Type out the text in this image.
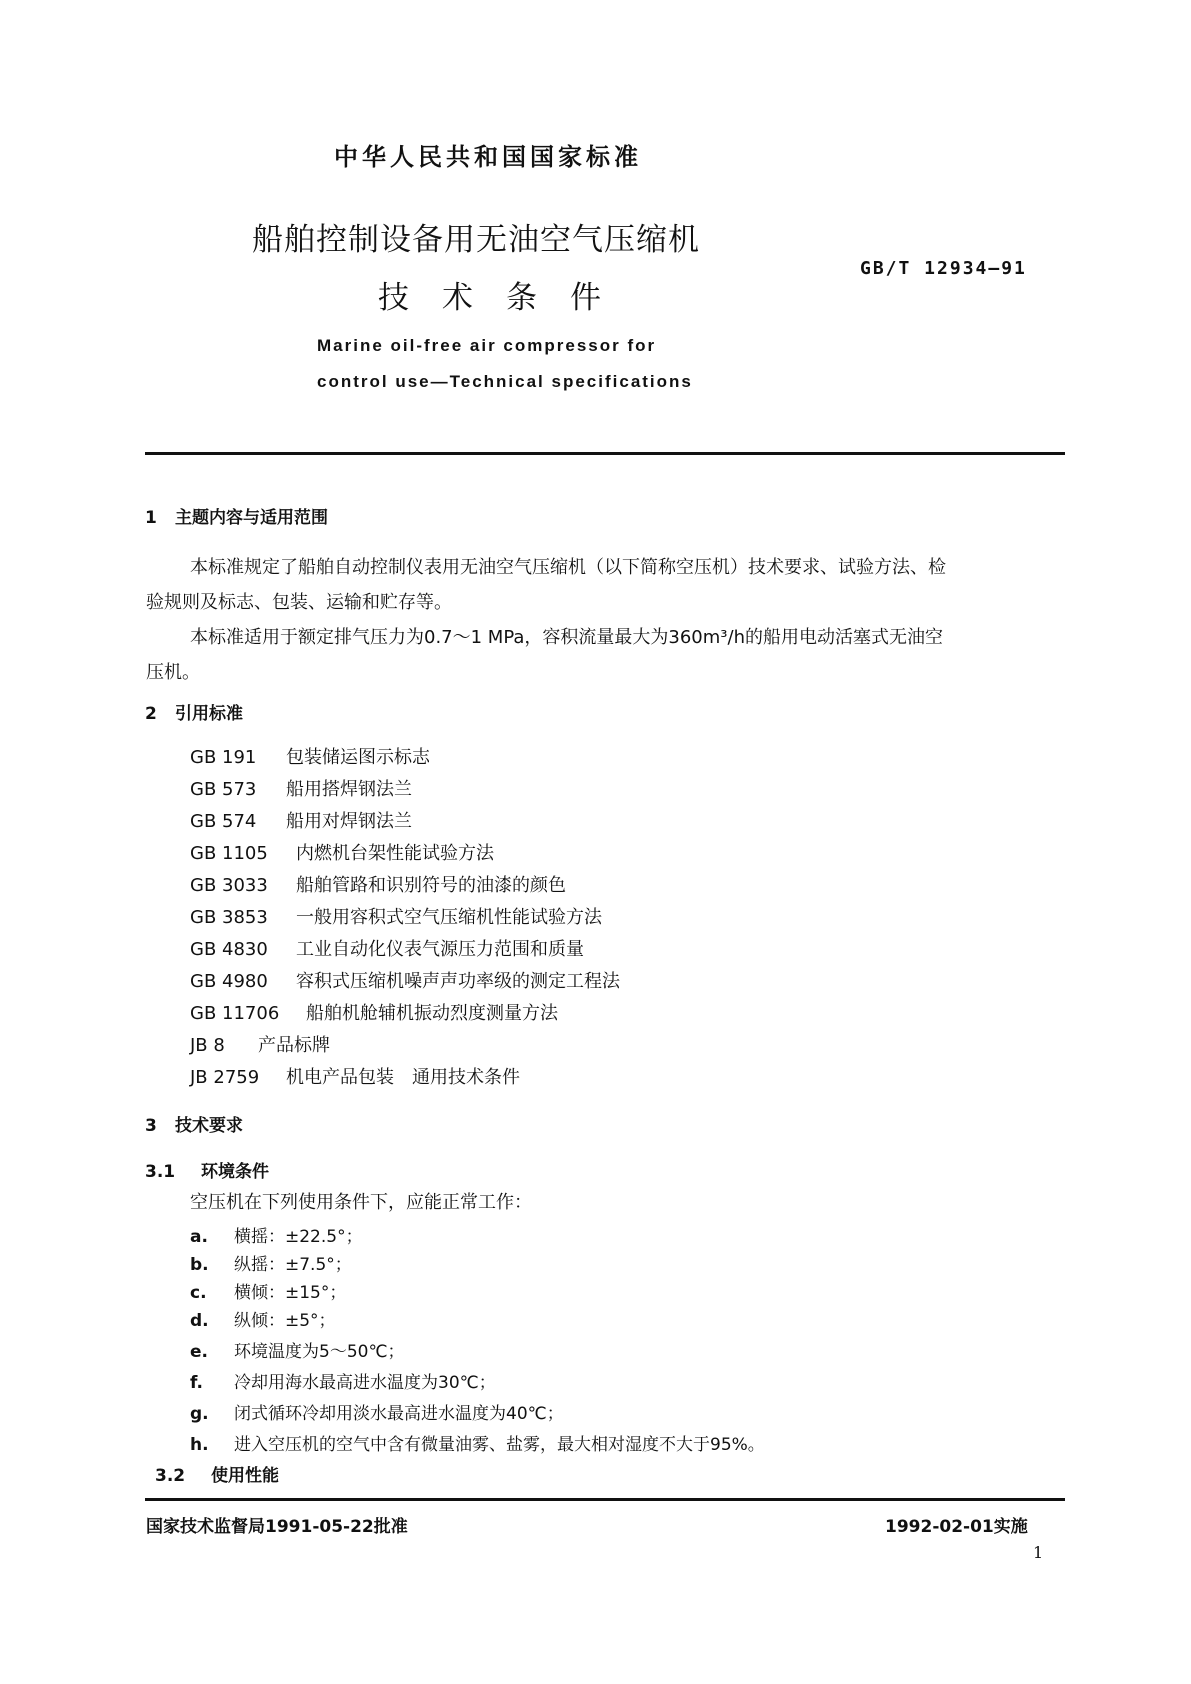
中华人民共和国国家标准
船舶控制设备用无油空气压缩机
技术条件
GB/T 12934—91
Marine oil-free air compressor for
control use—Technical specifications
1 主题内容与适用范围
本标准规定了船舶自动控制仪表用无油空气压缩机（以下简称空压机）技术要求、试验方法、检
验规则及标志、包装、运输和贮存等。
本标准适用于额定排气压力为0.7～1 MPa，容积流量最大为360m³/h的船用电动活塞式无油空
压机。
2 引用标准
GB 191 包装储运图示标志
GB 573 船用搭焊钢法兰
GB 574 船用对焊钢法兰
GB 1105 内燃机台架性能试验方法
GB 3033 船舶管路和识别符号的油漆的颜色
GB 3853 一般用容积式空气压缩机性能试验方法
GB 4830 工业自动化仪表气源压力范围和质量
GB 4980 容积式压缩机噪声声功率级的测定工程法
GB 11706 船舶机舱辅机振动烈度测量方法
JB 8 产品标牌
JB 2759 机电产品包装　通用技术条件
3 技术要求
3.1 环境条件
空压机在下列使用条件下，应能正常工作：
a. 横摇：±22.5°；
b. 纵摇：±7.5°；
c. 横倾：±15°；
d. 纵倾：±5°；
e. 环境温度为5～50℃；
f. 冷却用海水最高进水温度为30℃；
g. 闭式循环冷却用淡水最高进水温度为40℃；
h. 进入空压机的空气中含有微量油雾、盐雾，最大相对湿度不大于95%。
3.2 使用性能
国家技术监督局1991-05-22批准	1992-02-01实施
1
